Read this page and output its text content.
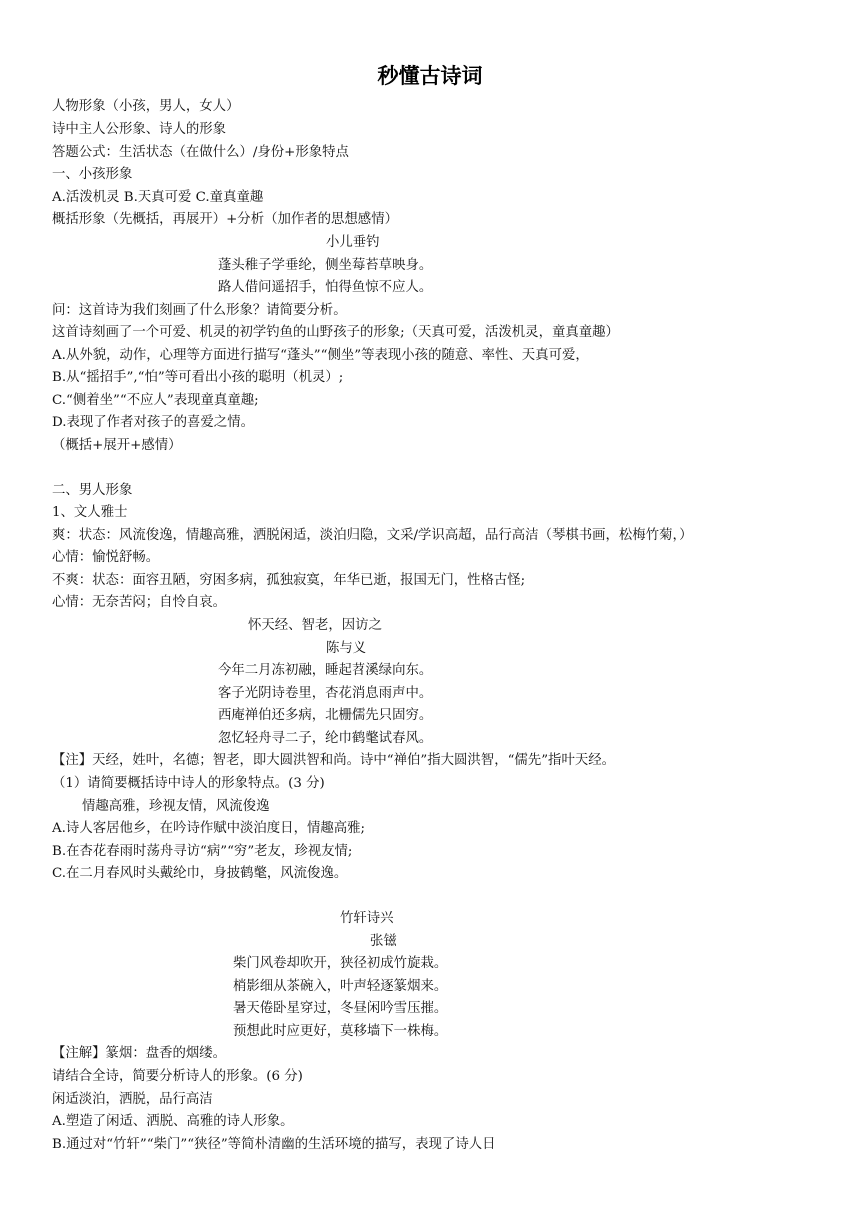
秒懂古诗词
人物形象（小孩，男人，女人）
诗中主人公形象、诗人的形象
答题公式：生活状态（在做什么）/身份+形象特点
一、小孩形象
A.活泼机灵 B.天真可爱 C.童真童趣
概括形象（先概括，再展开）+分析（加作者的思想感情）
小儿垂钓
蓬头稚子学垂纶，侧坐莓苔草映身。
路人借问遥招手，怕得鱼惊不应人。
问：这首诗为我们刻画了什么形象？请简要分析。
这首诗刻画了一个可爱、机灵的初学钓鱼的山野孩子的形象;（天真可爱，活泼机灵，童真童趣）
A.从外貌，动作，心理等方面进行描写“蓬头”“侧坐”等表现小孩的随意、率性、天真可爱，
B.从“摇招手”,“怕”等可看出小孩的聪明（机灵）;
C.“侧着坐”“不应人”表现童真童趣;
D.表现了作者对孩子的喜爱之情。
（概括+展开+感情）
二、男人形象
1、文人雅士
爽：状态：风流俊逸，情趣高雅，洒脱闲适，淡泊归隐，文采/学识高超，品行高洁（琴棋书画，松梅竹菊，）
心情：愉悦舒畅。
不爽：状态：面容丑陋，穷困多病，孤独寂寞，年华已逝，报国无门，性格古怪;
心情：无奈苦闷；自怜自哀。
怀天经、智老，因访之
陈与义
今年二月冻初融，睡起苕溪绿向东。
客子光阴诗卷里，杏花消息雨声中。
西庵禅伯还多病，北栅儒先只固穷。
忽忆轻舟寻二子，纶巾鹤氅试春风。
【注】天经，姓叶，名德；智老，即大圆洪智和尚。诗中“禅伯”指大圆洪智，“儒先”指叶天经。
（1）请简要概括诗中诗人的形象特点。(3 分)
情趣高雅，珍视友情，风流俊逸
A.诗人客居他乡，在吟诗作赋中淡泊度日，情趣高雅;
B.在杏花春雨时荡舟寻访“病”“穷”老友，珍视友情;
C.在二月春风时头戴纶巾，身披鹤氅，风流俊逸。
竹轩诗兴
张镃
柴门风卷却吹开，狭径初成竹旋栽。
梢影细从茶碗入，叶声轻逐篆烟来。
暑天倦卧星穿过，冬昼闲吟雪压摧。
预想此时应更好，莫移墙下一株梅。
【注解】篆烟：盘香的烟缕。
请结合全诗，简要分析诗人的形象。(6 分)
闲适淡泊，洒脱，品行高洁
A.塑造了闲适、洒脱、高雅的诗人形象。
B.通过对“竹轩”“柴门”“狭径”等简朴清幽的生活环境的描写，表现了诗人日
